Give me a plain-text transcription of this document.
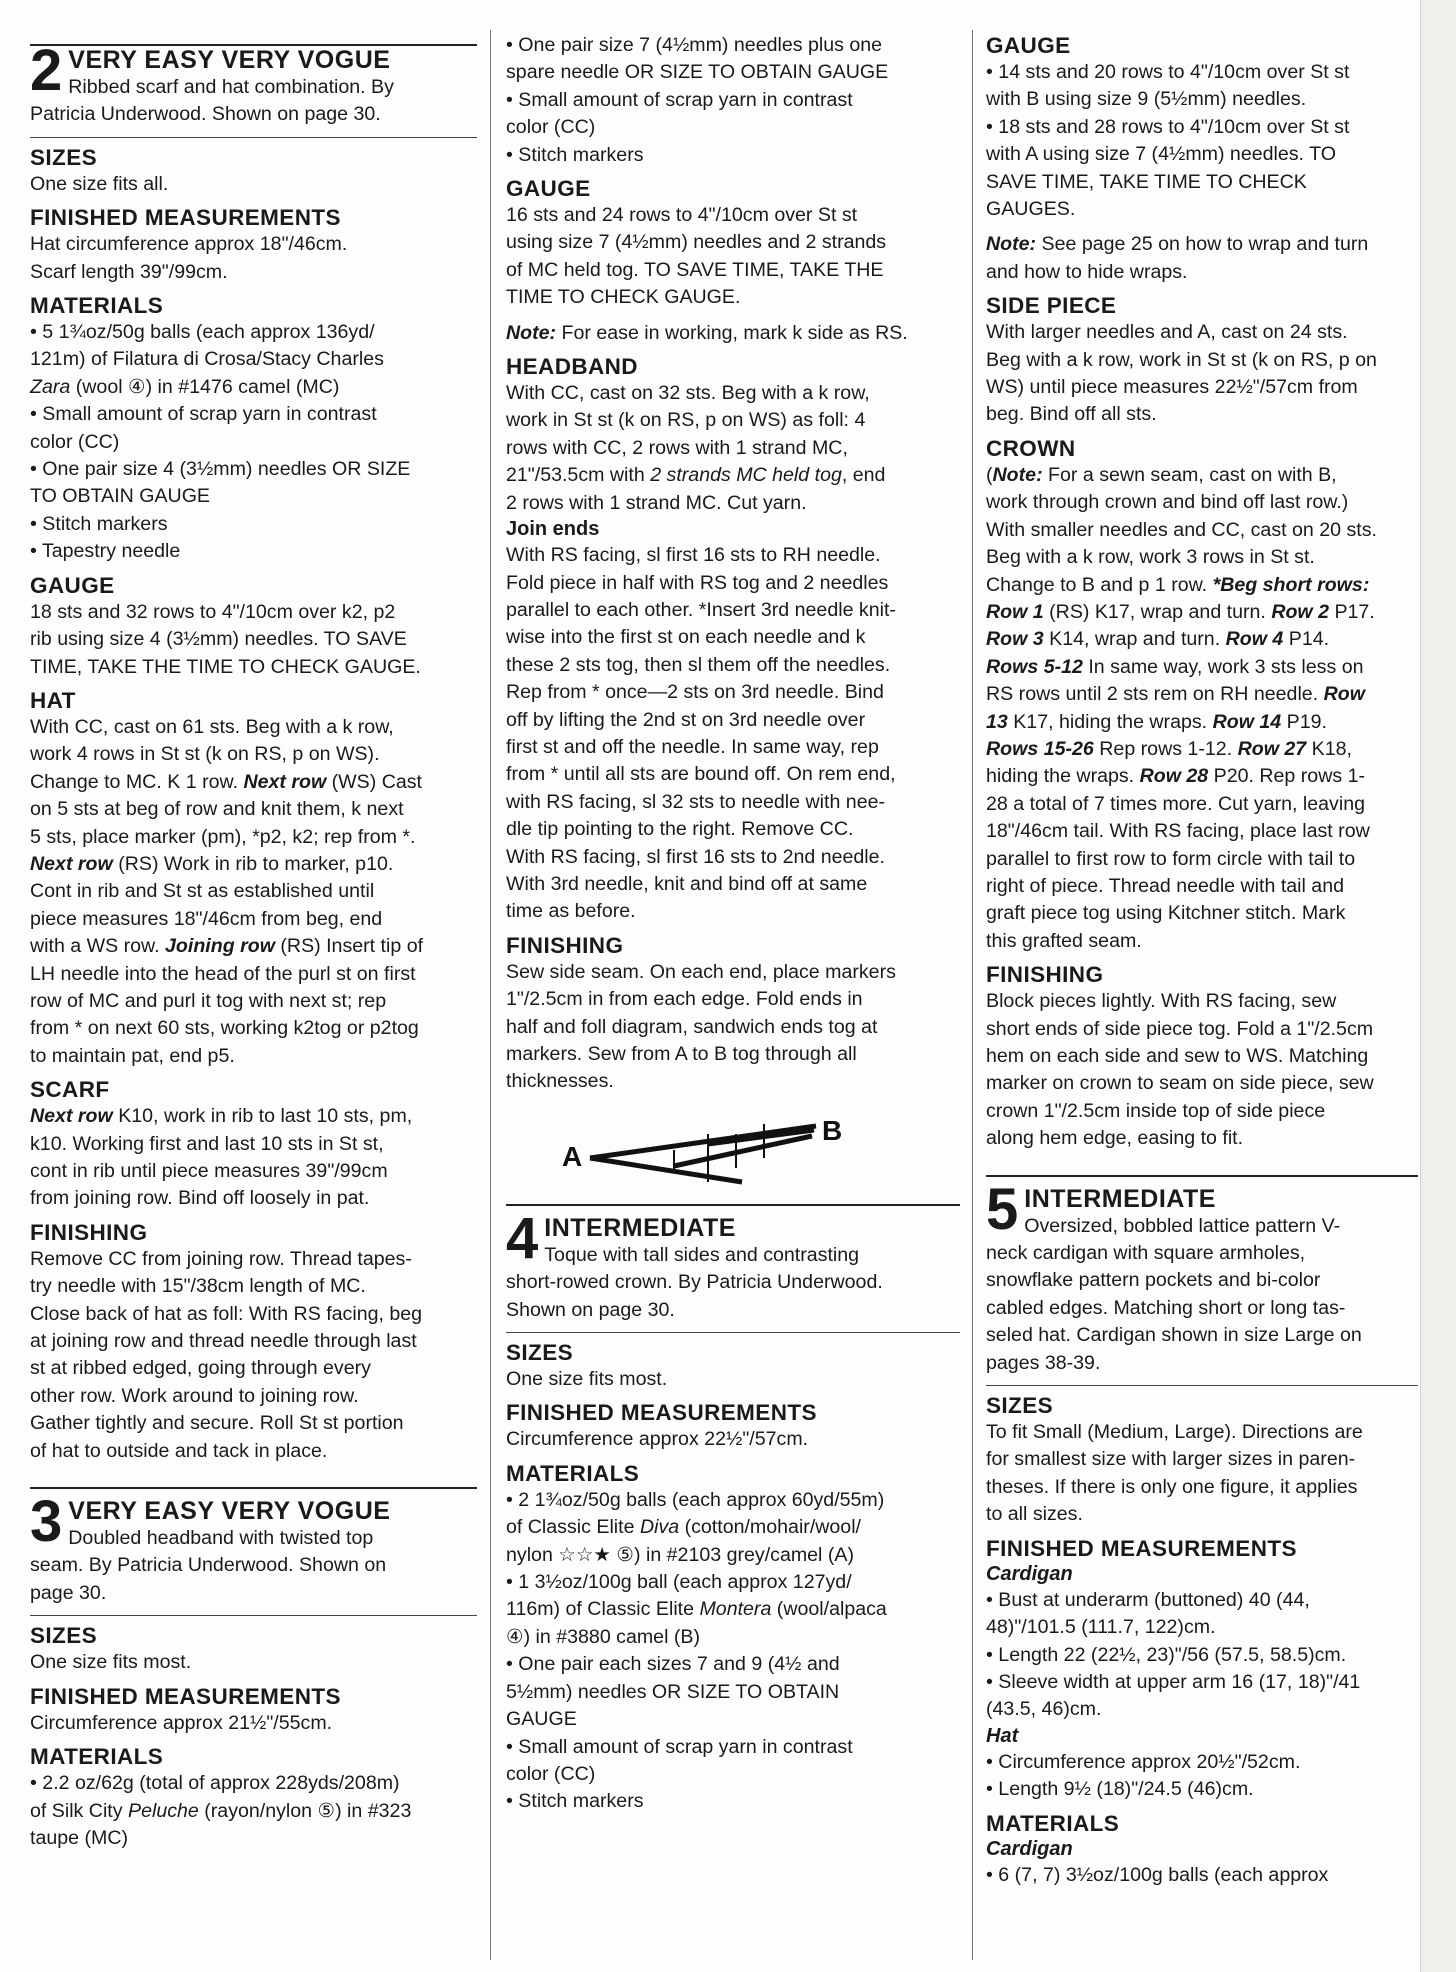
2 VERY EASY VERY VOGUE

Ribbed scarf and hat combination. By

Patricia Underwood. Shown on page 30.

SIZES

One size fits all.

FINISHED MEASUREMENTS

Hat circumference approx 18"/46cm.

Scarf length 39"/99cm.

MATERIALS

• 5 1¾oz/50g balls (each approx 136yd/

121m) of Filatura di Crosa/Stacy Charles

Zara (wool ④) in #1476 camel (MC)

• Small amount of scrap yarn in contrast

color (CC)

• One pair size 4 (3½mm) needles OR SIZE

TO OBTAIN GAUGE

• Stitch markers

• Tapestry needle

GAUGE

18 sts and 32 rows to 4"/10cm over k2, p2

rib using size 4 (3½mm) needles. TO SAVE

TIME, TAKE THE TIME TO CHECK GAUGE.

HAT

With CC, cast on 61 sts. Beg with a k row,

work 4 rows in St st (k on RS, p on WS).

Change to MC. K 1 row. Next row (WS) Cast

on 5 sts at beg of row and knit them, k next

5 sts, place marker (pm), *p2, k2; rep from *.

Next row (RS) Work in rib to marker, p10.

Cont in rib and St st as established until

piece measures 18"/46cm from beg, end

with a WS row. Joining row (RS) Insert tip of

LH needle into the head of the purl st on first

row of MC and purl it tog with next st; rep

from * on next 60 sts, working k2tog or p2tog

to maintain pat, end p5.

SCARF

Next row K10, work in rib to last 10 sts, pm,

k10. Working first and last 10 sts in St st,

cont in rib until piece measures 39"/99cm

from joining row. Bind off loosely in pat.

FINISHING

Remove CC from joining row. Thread tapes-

try needle with 15"/38cm length of MC.

Close back of hat as foll: With RS facing, beg

at joining row and thread needle through last

st at ribbed edged, going through every

other row. Work around to joining row.

Gather tightly and secure. Roll St st portion

of hat to outside and tack in place.

3 VERY EASY VERY VOGUE

Doubled headband with twisted top

seam. By Patricia Underwood. Shown on

page 30.

SIZES

One size fits most.

FINISHED MEASUREMENTS

Circumference approx 21½"/55cm.

MATERIALS

• 2.2 oz/62g (total of approx 228yds/208m)

of Silk City Peluche (rayon/nylon ⑤) in #323

taupe (MC)

• One pair size 7 (4½mm) needles plus one

spare needle OR SIZE TO OBTAIN GAUGE

• Small amount of scrap yarn in contrast

color (CC)

• Stitch markers

GAUGE

16 sts and 24 rows to 4"/10cm over St st

using size 7 (4½mm) needles and 2 strands

of MC held tog. TO SAVE TIME, TAKE THE

TIME TO CHECK GAUGE.

Note: For ease in working, mark k side as RS.

HEADBAND

With CC, cast on 32 sts. Beg with a k row,

work in St st (k on RS, p on WS) as foll: 4

rows with CC, 2 rows with 1 strand MC,

21"/53.5cm with 2 strands MC held tog, end

2 rows with 1 strand MC. Cut yarn.

Join ends

With RS facing, sl first 16 sts to RH needle.

Fold piece in half with RS tog and 2 needles

parallel to each other. *Insert 3rd needle knit-

wise into the first st on each needle and k

these 2 sts tog, then sl them off the needles.

Rep from * once—2 sts on 3rd needle. Bind

off by lifting the 2nd st on 3rd needle over

first st and off the needle. In same way, rep

from * until all sts are bound off. On rem end,

with RS facing, sl 32 sts to needle with nee-

dle tip pointing to the right. Remove CC.

With RS facing, sl first 16 sts to 2nd needle.

With 3rd needle, knit and bind off at same

time as before.

FINISHING

Sew side seam. On each end, place markers

1"/2.5cm in from each edge. Fold ends in

half and foll diagram, sandwich ends tog at

markers. Sew from A to B tog through all

thicknesses.

A
B
4 INTERMEDIATE

Toque with tall sides and contrasting

short-rowed crown. By Patricia Underwood.

Shown on page 30.

SIZES

One size fits most.

FINISHED MEASUREMENTS

Circumference approx 22½"/57cm.

MATERIALS

• 2 1¾oz/50g balls (each approx 60yd/55m)

of Classic Elite Diva (cotton/mohair/wool/

nylon ☆☆★ ⑤) in #2103 grey/camel (A)

• 1 3½oz/100g ball (each approx 127yd/

116m) of Classic Elite Montera (wool/alpaca

④) in #3880 camel (B)

• One pair each sizes 7 and 9 (4½ and

5½mm) needles OR SIZE TO OBTAIN

GAUGE

• Small amount of scrap yarn in contrast

color (CC)

• Stitch markers

GAUGE

• 14 sts and 20 rows to 4"/10cm over St st

with B using size 9 (5½mm) needles.

• 18 sts and 28 rows to 4"/10cm over St st

with A using size 7 (4½mm) needles. TO

SAVE TIME, TAKE TIME TO CHECK

GAUGES.

Note: See page 25 on how to wrap and turn

and how to hide wraps.

SIDE PIECE

With larger needles and A, cast on 24 sts.

Beg with a k row, work in St st (k on RS, p on

WS) until piece measures 22½"/57cm from

beg. Bind off all sts.

CROWN

(Note: For a sewn seam, cast on with B,

work through crown and bind off last row.)

With smaller needles and CC, cast on 20 sts.

Beg with a k row, work 3 rows in St st.

Change to B and p 1 row. *Beg short rows:

Row 1 (RS) K17, wrap and turn. Row 2 P17.

Row 3 K14, wrap and turn. Row 4 P14.

Rows 5-12 In same way, work 3 sts less on

RS rows until 2 sts rem on RH needle. Row

13 K17, hiding the wraps. Row 14 P19.

Rows 15-26 Rep rows 1-12. Row 27 K18,

hiding the wraps. Row 28 P20. Rep rows 1-

28 a total of 7 times more. Cut yarn, leaving

18"/46cm tail. With RS facing, place last row

parallel to first row to form circle with tail to

right of piece. Thread needle with tail and

graft piece tog using Kitchner stitch. Mark

this grafted seam.

FINISHING

Block pieces lightly. With RS facing, sew

short ends of side piece tog. Fold a 1"/2.5cm

hem on each side and sew to WS. Matching

marker on crown to seam on side piece, sew

crown 1"/2.5cm inside top of side piece

along hem edge, easing to fit.

5 INTERMEDIATE

Oversized, bobbled lattice pattern V-

neck cardigan with square armholes,

snowflake pattern pockets and bi-color

cabled edges. Matching short or long tas-

seled hat. Cardigan shown in size Large on

pages 38-39.

SIZES

To fit Small (Medium, Large). Directions are

for smallest size with larger sizes in paren-

theses. If there is only one figure, it applies

to all sizes.

FINISHED MEASUREMENTS
Cardigan

• Bust at underarm (buttoned) 40 (44,

48)"/101.5 (111.7, 122)cm.

• Length 22 (22½, 23)"/56 (57.5, 58.5)cm.

• Sleeve width at upper arm 16 (17, 18)"/41

(43.5, 46)cm.

Hat

• Circumference approx 20½"/52cm.

• Length 9½ (18)"/24.5 (46)cm.

MATERIALS
Cardigan

• 6 (7, 7) 3½oz/100g balls (each approx
